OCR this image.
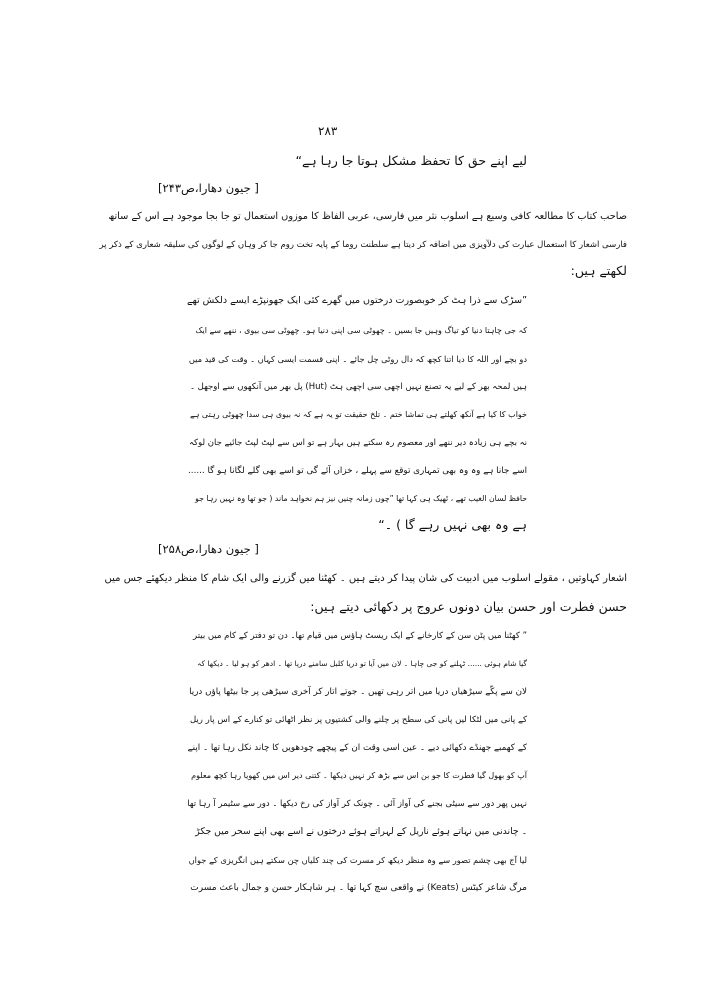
۲۸۳
لیے اپنے حق کا تحفظ مشکل ہوتا جا رہا ہے“
[ جیون دھارا،ص۲۴۳]
صاحب کتاب کا مطالعہ کافی وسیع ہے اسلوب نثر میں فارسی، عربی الفاظ کا موزوں استعمال تو جا بجا موجود ہے اس کے ساتھ
فارسی اشعار کا استعمال عبارت کی دلآویزی میں اضافہ کر دیتا ہے سلطنت روما کے پایہ تخت روم جا کر وہاں کے لوگوں کی سلیقہ شعاری کے ذکر پر
لکھتے ہیں:
”سڑک سے ذرا ہٹ کر خوبصورت درختوں میں گھرے کئی ایک جھونپڑے ایسے دلکش تھے
کہ جی چاہتا دنیا کو تیاگ وہیں جا بسیں ۔ چھوٹی سی اپنی دنیا ہو۔ چھوٹی سی بیوی ، ننھے سے ایک
دو بچے اور اللہ کا دیا اتنا کچھ کہ دال روٹی چل جائے ۔ اپنی قسمت ایسی کہاں ۔ وقت کی قید میں
ہیں لمحہ بھر کے لیے یہ تصنع نہیں اچھی سی اچھی ہٹ (Hut) پل بھر میں آنکھوں سے اوجھل ۔
خواب کا کیا ہے آنکھ کھلتے ہی تماشا ختم ۔ تلخ حقیقت تو یہ ہے کہ نہ بیوی ہی سدا چھوٹی رہتی ہے
نہ بچے ہی زیادہ دیر ننھے اور معصوم رہ سکتے ہیں بہار ہے تو اس سے لپٹ لپٹ جائیے جان لوکہ
اسے جانا ہے وہ وہ بھی تمہاری توقع سے پہلے ، خزاں آئے گی تو اسے بھی گلے لگانا ہو گا ......
حافظ لسان الغیب تھے ، ٹھیک ہی کہا تھا ”چوں زمانہ چنیں نیز ہم نخواہد ماند ( جو تھا وہ نہیں رہا جو
ہے وہ بھی نہیں رہے گا ) ۔“
[ جیون دھارا،ص۲۵۸]
اشعار کہاوتیں ، مقولے اسلوب میں ادبیت کی شان پیدا کر دیتے ہیں ۔ کھٹنا میں گزرنے والی ایک شام کا منظر دیکھئے جس میں
حسن فطرت اور حسن بیان دونوں عروج پر دکھائی دیتے ہیں:
” کھٹنا میں پٹن سن کے کارخانے کے ایک ریسٹ ہاؤس میں قیام تھا۔ دن تو دفتر کے کام میں بیتر
گیا شام ہوئی ...... ٹہلنے کو جی چاہا ۔ لان میں آیا تو دریا کلبل سامنے دریا تھا ۔ ادھر کو ہو لیا ۔ دیکھا کہ
لان سے پکّے سیڑھیاں دریا میں اتر رہی تھیں ۔ جوتے اتار کر آخری سیڑھی پر جا بیٹھا پاؤں دریا
کے پانی میں لٹکا لیں پانی کی سطح پر چلنے والی کشتیوں پر نظر اٹھائی تو کنارے کے اس پار ریل
کے کھمبے جھنڈے دکھائی دیے ۔ عین اسی وقت ان کے پیچھے چودھویں کا چاند نکل رہا تھا ۔ اپنے
آپ کو بھول گیا فطرت کا جو بن اس سے بڑھ کر نہیں دیکھا ۔ کتنی دیر اس میں کھویا رہا کچھ معلوم
نہیں پھر دور سے سیٹی بجنے کی آواز آئی ۔ چونک کر آواز کی رخ دیکھا ۔ دور سے سٹیمر آ رہا تھا
۔ چاندنی میں نہاتے ہوئے ناریل کے لہراتے ہوئے درختوں نے اسے بھی اپنے سحر میں جکڑ
لیا آج بھی چشم تصور سے وہ منظر دیکھ کر مسرت کی چند کلیاں چن سکتے ہیں انگریزی کے جواں
مرگ شاعر کیٹس (Keats) نے واقعی سچ کہا تھا ۔ ہر شاہکار حسن و جمال باعث مسرت
